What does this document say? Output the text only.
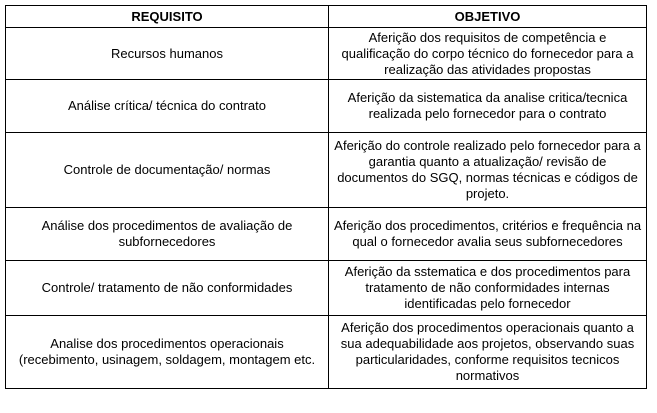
REQUISITO	OBJETIVO
Recursos humanos	Aferição dos requisitos de competência e qualificação do corpo técnico do fornecedor para a realização das atividades propostas
Análise crítica/ técnica do contrato	Aferição da sistematica da analise critica/tecnica realizada pelo fornecedor para o contrato
Controle de documentação/ normas	Aferição do controle realizado pelo fornecedor para a garantia quanto a atualização/ revisão de documentos do SGQ, normas técnicas e códigos de projeto.
Análise dos procedimentos de avaliação de subfornecedores	Aferição dos procedimentos, critérios e frequência na qual o fornecedor avalia seus subfornecedores
Controle/ tratamento de não conformidades	Aferição da sstematica e dos procedimentos para tratamento de não conformidades internas identificadas pelo fornecedor
Analise dos procedimentos operacionais (recebimento, usinagem, soldagem, montagem etc.	Aferição dos procedimentos operacionais quanto a sua adequabilidade aos projetos, observando suas particularidades, conforme requisitos tecnicos normativos
